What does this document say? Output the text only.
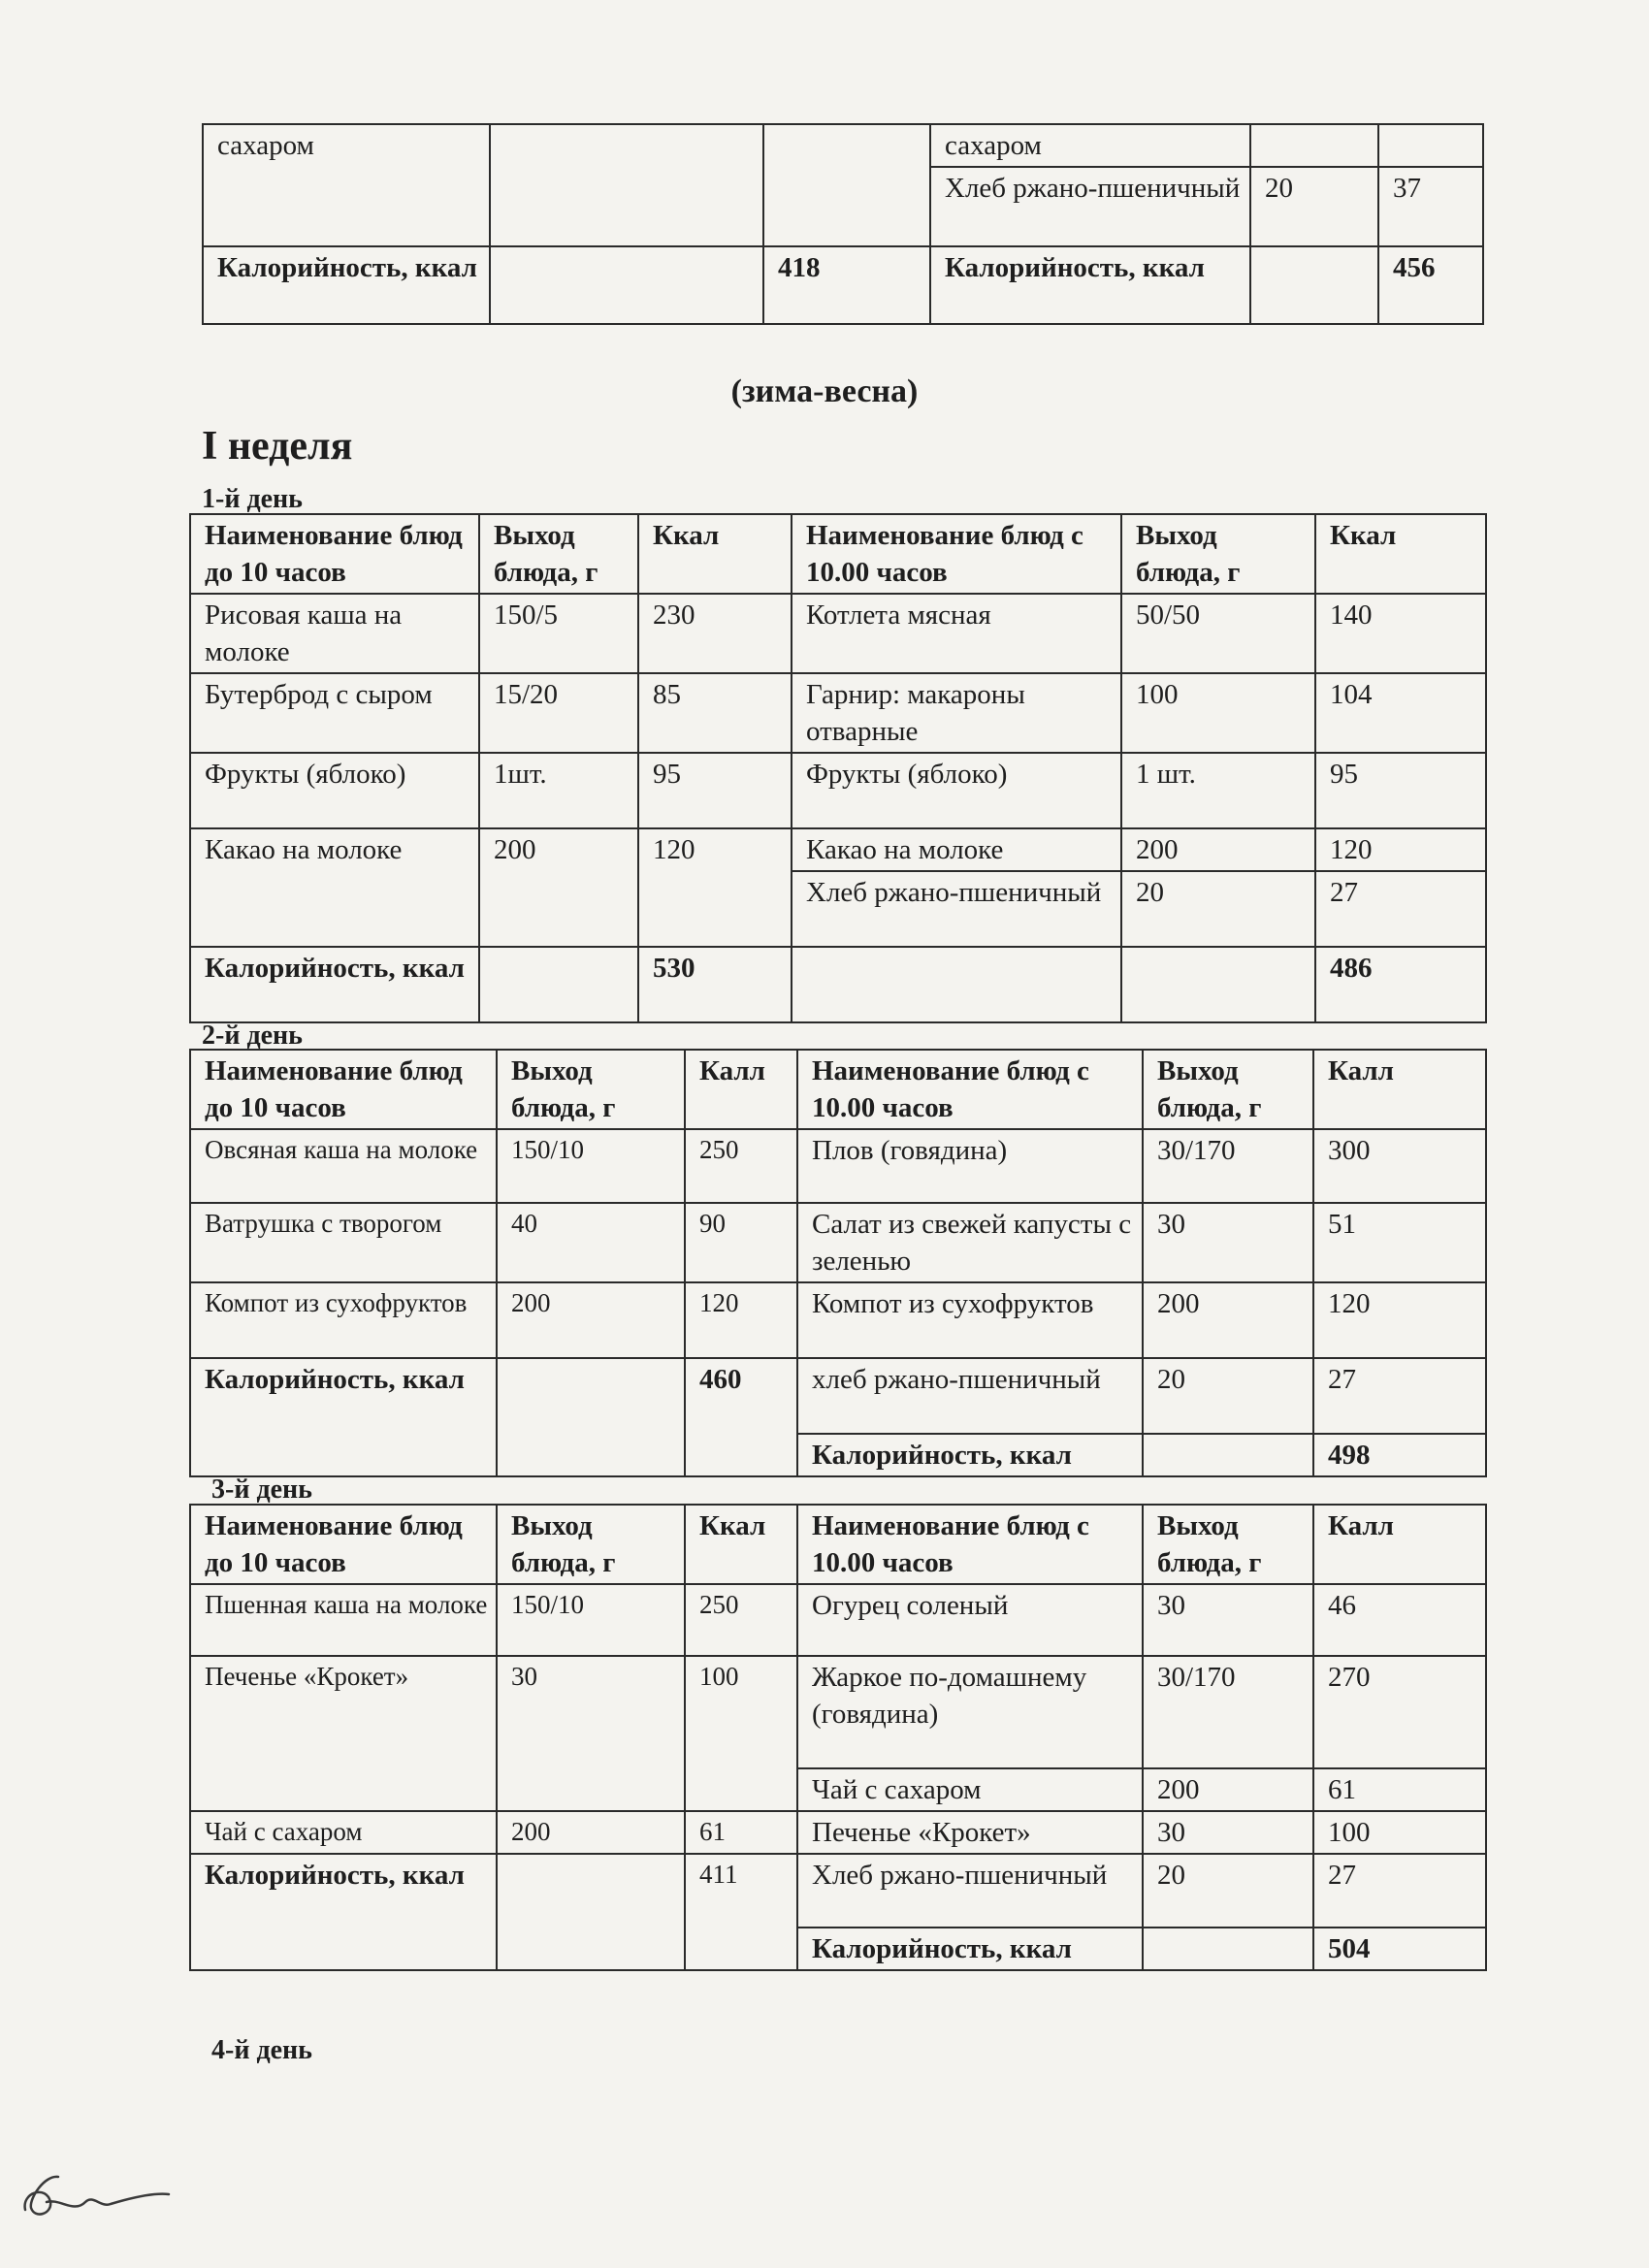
сахаром			сахаром		
			Хлеб ржано-пшеничный	20	37
Калорийность, ккал		418	Калорийность, ккал		456
(зима-весна)
I неделя
1-й день
Наименование блюд до 10 часов	Выход блюда, г	Ккал	Наименование блюд с 10.00 часов	Выход блюда, г	Ккал
Рисовая каша на молоке	150/5	230	Котлета мясная	50/50	140
Бутерброд с сыром	15/20	85	Гарнир: макароны отварные	100	104
Фрукты (яблоко)	1шт.	95	Фрукты (яблоко)	1 шт.	95
Какао на молоке	200	120	Какао на молоке	200	120
			Хлеб ржано-пшеничный	20	27
Калорийность, ккал		530			486
2-й день
Наименование блюд до 10 часов	Выход блюда, г	Калл	Наименование блюд с 10.00 часов	Выход блюда, г	Калл
Овсяная каша на молоке	150/10	250	Плов (говядина)	30/170	300
Ватрушка с творогом	40	90	Салат из свежей капусты с зеленью	30	51
Компот из сухофруктов	200	120	Компот из сухофруктов	200	120
Калорийность, ккал		460	хлеб ржано-пшеничный	20	27
			Калорийность, ккал		498
3-й день
Наименование блюд до 10 часов	Выход блюда, г	Ккал	Наименование блюд с 10.00 часов	Выход блюда, г	Калл
Пшенная каша на молоке	150/10	250	Огурец соленый	30	46
Печенье «Крокет»	30	100	Жаркое по-домашнему (говядина)	30/170	270
			Чай с сахаром	200	61
Чай с сахаром	200	61	Печенье «Крокет»	30	100
Калорийность, ккал		411	Хлеб ржано-пшеничный	20	27
			Калорийность, ккал		504
4-й день
